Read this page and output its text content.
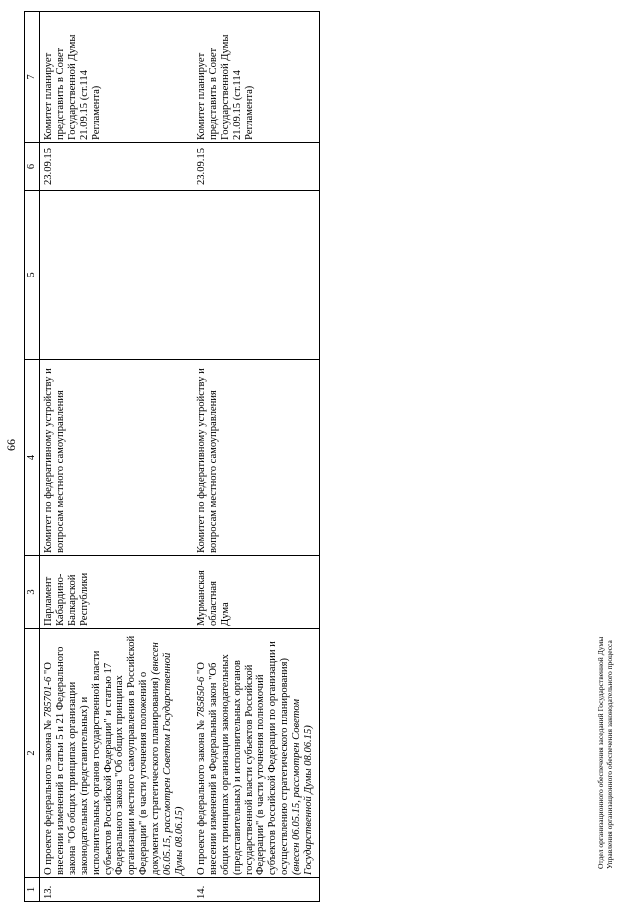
66
1	2	3	4	5	6	7
13.	О проекте федерального закона № 785701-6 "О внесении изменений в статьи 5 и 21 Федерального закона "Об общих принципах организации законодательных (представительных) и исполнительных органов государственной власти субъектов Российской Федерации" и статью 17 Федерального закона "Об общих принципах организации местного самоуправления в Российской Федерации" (в части уточнения положений о документах стратегического планирования) (внесен 06.05.15, рассмотрен Советом Государственной Думы 08.06.15)	Парламент Кабардино-Балкарской Республики	Комитет по федеративному устройству и вопросам местного самоуправления		23.09.15	Комитет планирует представить в Совет Государственной Думы 21.09.15 (ст.114 Регламента)
14.	О проекте федерального закона № 785850-6 "О внесении изменений в Федеральный закон "Об общих принципах организации законодательных (представительных) и исполнительных органов государственной власти субъектов Российской Федерации" (в части уточнения полномочий субъектов Российской Федерации по организации и осуществлению стратегического планирования) (внесен 06.05.15, рассмотрен Советом Государственной Думы 08.06.15)	Мурманская областная Дума	Комитет по федеративному устройству и вопросам местного самоуправления		23.09.15	Комитет планирует представить в Совет Государственной Думы 21.09.15 (ст.114 Регламента)
Отдел организационного обеспечения заседаний Государственной Думы Управления организационного обеспечения законодательного процесса
